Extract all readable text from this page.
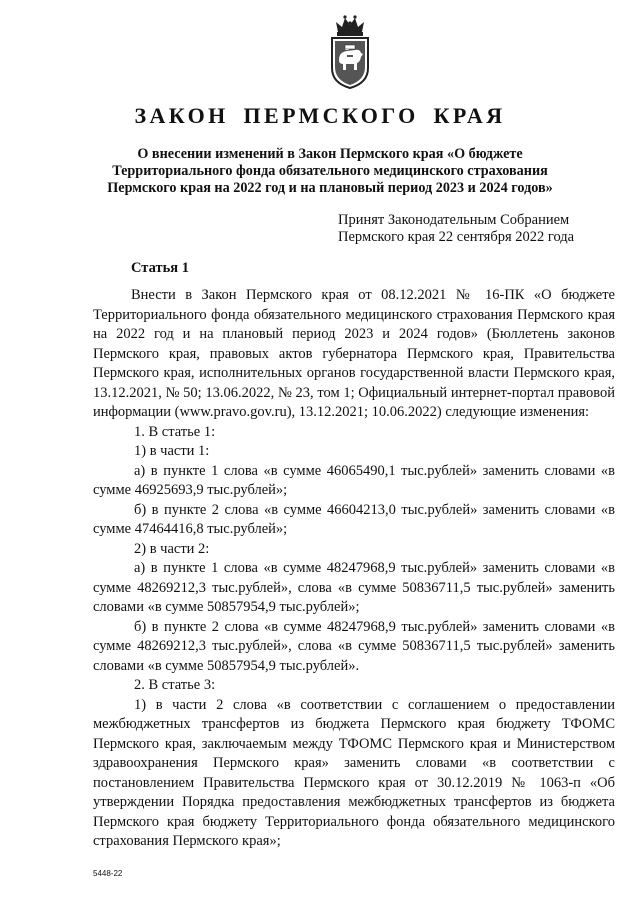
ЗАКОН ПЕРМСКОГО КРАЯ
О внесении изменений в Закон Пермского края «О бюджете
Территориального фонда обязательного медицинского страхования
Пермского края на 2022 год и на плановый период 2023 и 2024 годов»
Принят Законодательным Собранием
Пермского края 22 сентября 2022 года
Статья 1

Внести в Закон Пермского края от 08.12.2021 № 16-ПК «О бюджете Территориального фонда обязательного медицинского страхования Пермского края на 2022 год и на плановый период 2023 и 2024 годов» (Бюллетень законов Пермского края, правовых актов губернатора Пермского края, Правительства Пермского края, исполнительных органов государственной власти Пермского края, 13.12.2021, № 50; 13.06.2022, № 23, том 1; Официальный интернет-портал правовой информации (www.pravo.gov.ru), 13.12.2021; 10.06.2022) следующие изменения:

1. В статье 1:

1) в части 1:

а) в пункте 1 слова «в сумме 46065490,1 тыс.рублей» заменить словами «в сумме 46925693,9 тыс.рублей»;

б) в пункте 2 слова «в сумме 46604213,0 тыс.рублей» заменить словами «в сумме 47464416,8 тыс.рублей»;

2) в части 2:

а) в пункте 1 слова «в сумме 48247968,9 тыс.рублей» заменить словами «в сумме 48269212,3 тыс.рублей», слова «в сумме 50836711,5 тыс.рублей» заменить словами «в сумме 50857954,9 тыс.рублей»;

б) в пункте 2 слова «в сумме 48247968,9 тыс.рублей» заменить словами «в сумме 48269212,3 тыс.рублей», слова «в сумме 50836711,5 тыс.рублей» заменить словами «в сумме 50857954,9 тыс.рублей».

2. В статье 3:

1) в части 2 слова «в соответствии с соглашением о предоставлении межбюджетных трансфертов из бюджета Пермского края бюджету ТФОМС Пермского края, заключаемым между ТФОМС Пермского края и Министерством здравоохранения Пермского края» заменить словами «в соответствии с постановлением Правительства Пермского края от 30.12.2019 № 1063-п «Об утверждении Порядка предоставления межбюджетных трансфертов из бюджета Пермского края бюджету Территориального фонда обязательного медицинского страхования Пермского края»;

5448-22
